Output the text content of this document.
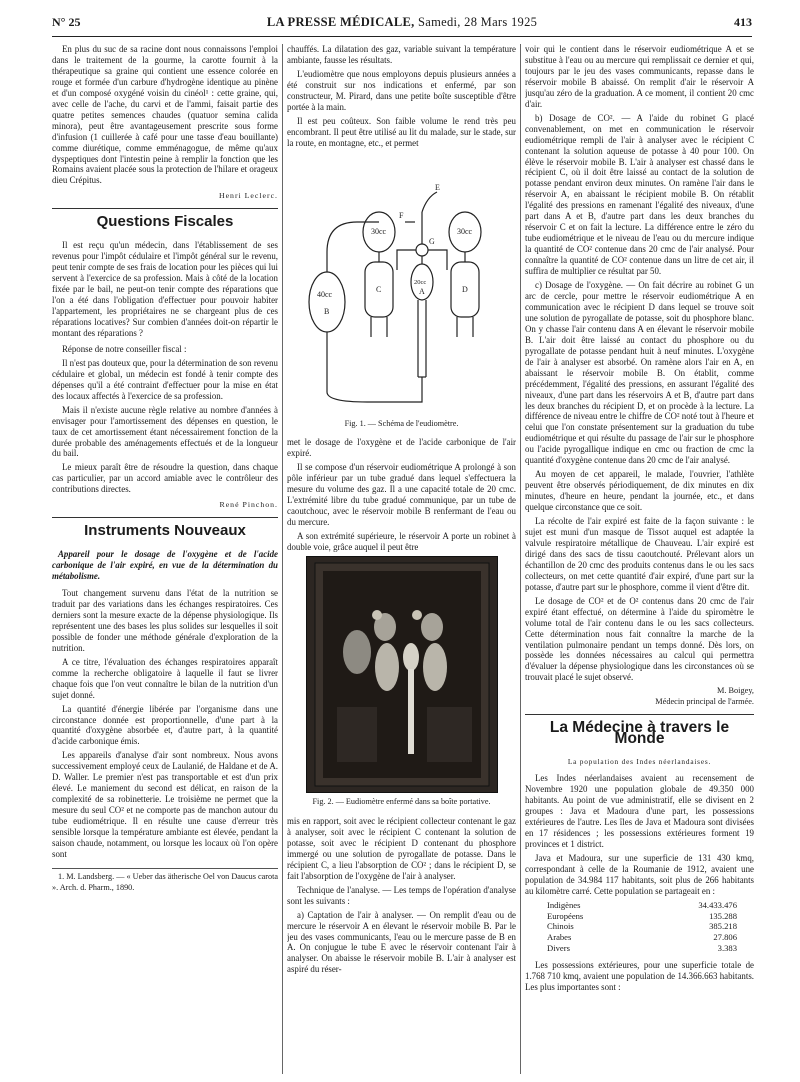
N° 25	LA PRESSE MÉDICALE, Samedi, 28 Mars 1925	413

En plus du suc de sa racine dont nous connaissons l'emploi dans le traitement de la gourme, la carotte fournit à la thérapeutique sa graine qui contient une essence colorée en rouge et formée d'un carbure d'hydrogène identique au pinène et d'un composé oxygéné voisin du cinéol¹ : cette graine, qui, avec celle de l'ache, du carvi et de l'ammi, faisait partie des quatre petites semences chaudes (quatuor semina calida minora), peut être avantageusement prescrite sous forme d'infusion (1 cuillerée à café pour une tasse d'eau bouillante) comme diurétique, comme emménagogue, de même qu'aux dyspeptiques dont l'intestin peine à remplir la fonction que les Romains avaient placée sous la protection de l'hilare et orageux dieu Crépitus.

Henri Leclerc.

Questions Fiscales

Il est reçu qu'un médecin, dans l'établissement de ses revenus pour l'impôt cédulaire et l'impôt général sur le revenu, peut tenir compte de ses frais de location pour les pièces qui lui servent à l'exercice de sa profession. Mais à côté de la location fixée par le bail, ne peut-on tenir compte des réparations que l'on a été dans l'obligation d'effectuer pour pouvoir habiter l'appartement, les propriétaires ne se chargeant plus de ces réparations locatives? Sur combien d'années doit-on répartir le montant des réparations ?

Réponse de notre conseiller fiscal :

Il n'est pas douteux que, pour la détermination de son revenu cédulaire et global, un médecin est fondé à tenir compte des dépenses qu'il a été contraint d'effectuer pour la mise en état des locaux affectés à l'exercice de sa profession.

Mais il n'existe aucune règle relative au nombre d'années à envisager pour l'amortissement des dépenses en question, le taux de cet amortissement étant nécessairement fonction de la durée probable des aménagements effectués et de la longueur du bail.

Le mieux paraît être de résoudre la question, dans chaque cas particulier, par un accord amiable avec le contrôleur des contributions directes.

René Pinchon.

Instruments Nouveaux

Appareil pour le dosage de l'oxygène et de l'acide carbonique de l'air expiré, en vue de la détermination du métabolisme.

Tout changement survenu dans l'état de la nutrition se traduit par des variations dans les échanges respiratoires. Ces derniers sont la mesure exacte de la dépense physiologique. Ils représentent une des bases les plus solides sur lesquelles il soit possible de fonder une méthode générale d'exploration de la nutrition.

A ce titre, l'évaluation des échanges respiratoires apparaît comme la recherche obligatoire à laquelle il faut se livrer chaque fois que l'on veut connaître le bilan de la nutrition d'un sujet donné.

La quantité d'énergie libérée par l'organisme dans une circonstance donnée est proportionnelle, d'une part à la quantité d'oxygène absorbée et, d'autre part, à la quantité d'acide carbonique émis.

Les appareils d'analyse d'air sont nombreux. Nous avons successivement employé ceux de Laulanié, de Haldane et de A. D. Waller. Le premier n'est pas transportable et est d'un prix élevé. Le maniement du second est délicat, en raison de la complexité de sa robinetterie. Le troisième ne permet que la mesure du seul CO² et ne comporte pas de manchon autour du tube eudiométrique. Il en résulte une cause d'erreur très sensible lorsque la température ambiante est élevée, pendant la saison chaude, notamment, ou lorsque les locaux où l'on opère sont

1. M. Landsberg. — « Ueber das ätherische Oel von Daucus carota ». Arch. d. Pharm., 1890.

chauffés. La dilatation des gaz, variable suivant la température ambiante, fausse les résultats.

L'eudiomètre que nous employons depuis plusieurs années a été construit sur nos indications et enfermé, par son constructeur, M. Pirard, dans une petite boîte susceptible d'être portée à la main.

Il est peu coûteux. Son faible volume le rend très peu encombrant. Il peut être utilisé au lit du malade, sur le stade, sur la route, en montagne, etc., et permet

40cc
B
30cc
C
30cc
D
20cc
A
E
G
F

Fig. 1. — Schéma de l'eudiomètre.

met le dosage de l'oxygène et de l'acide carbonique de l'air expiré.

Il se compose d'un réservoir eudiométrique A prolongé à son pôle inférieur par un tube gradué dans lequel s'effectuera la mesure du volume des gaz. Il a une capacité totale de 20 cmc. L'extrémité libre du tube gradué communique, par un tube de caoutchouc, avec le réservoir mobile B renfermant de l'eau ou du mercure.

A son extrémité supérieure, le réservoir A porte un robinet à double voie, grâce auquel il peut être

Fig. 2. — Eudiomètre enfermé dans sa boîte portative.

mis en rapport, soit avec le récipient collecteur contenant le gaz à analyser, soit avec le récipient C contenant la solution de potasse, soit avec le récipient D contenant du phosphore immergé ou une solution de pyrogallate de potasse. Dans le récipient C, a lieu l'absorption de CO² ; dans le récipient D, se fait l'absorption de l'oxygène de l'air à analyser.

Technique de l'analyse. — Les temps de l'opération d'analyse sont les suivants :

a) Captation de l'air à analyser. — On remplit d'eau ou de mercure le réservoir A en élevant le réservoir mobile B. Par le jeu des vases communicants, l'eau ou le mercure passe de B en A. On conjugue le tube E avec le réservoir contenant l'air à analyser. On abaisse le réservoir mobile B. L'air à analyser est aspiré du réser-

voir qui le contient dans le réservoir eudiométrique A et se substitue à l'eau ou au mercure qui remplissait ce dernier et qui, toujours par le jeu des vases communicants, repasse dans le réservoir mobile B abaissé. On remplit d'air le réservoir A jusqu'au zéro de la graduation. A ce moment, il contient 20 cmc d'air.

b) Dosage de CO². — A l'aide du robinet G placé convenablement, on met en communication le réservoir eudiométrique rempli de l'air à analyser avec le récipient C contenant la solution aqueuse de potasse à 40 pour 100. On élève le réservoir mobile B. L'air à analyser est chassé dans le récipient C, où il doit être laissé au contact de la solution de potasse pendant environ deux minutes. On ramène l'air dans le réservoir A, en abaissant le récipient mobile B. On rétablit l'égalité des pressions en ramenant l'égalité des niveaux, d'une part dans A et B, d'autre part dans les deux branches du réservoir C et on fait la lecture. La différence entre le zéro du tube eudiométrique et le niveau de l'eau ou du mercure indique la quantité de CO² contenue dans 20 cmc de l'air analysé. Pour connaître la quantité de CO² contenue dans un litre de cet air, il suffira de multiplier ce résultat par 50.

c) Dosage de l'oxygène. — On fait décrire au robinet G un arc de cercle, pour mettre le réservoir eudiométrique A en communication avec le récipient D dans lequel se trouve soit une solution de pyrogallate de potasse, soit du phosphore blanc. On y chasse l'air contenu dans A en élevant le réservoir mobile B. L'air doit être laissé au contact du phosphore ou du pyrogallate de potasse pendant huit à neuf minutes. L'oxygène de l'air à analyser est absorbé. On ramène alors l'air en A, en abaissant le réservoir mobile B. On établit, comme précédemment, l'égalité des pressions, en assurant l'égalité des niveaux, d'une part dans les réservoirs A et B, d'autre part dans les deux branches du récipient D, et on procède à la lecture. La différence de niveau entre le chiffre de CO² noté tout à l'heure et celui que l'on constate présentement sur la graduation du tube eudiométrique et qui résulte du passage de l'air sur le phosphore ou l'acide pyrogallique indique en cmc ou fraction de cmc la quantité d'oxygène contenue dans 20 cmc de l'air analysé.

Au moyen de cet appareil, le malade, l'ouvrier, l'athlète peuvent être observés périodiquement, de dix minutes en dix minutes, d'heure en heure, pendant la journée, etc., et dans quelque circonstance que ce soit.

La récolte de l'air expiré est faite de la façon suivante : le sujet est muni d'un masque de Tissot auquel est adaptée la valvule respiratoire métallique de Chauveau. L'air expiré est dirigé dans des sacs de tissu caoutchouté. Prélevant alors un échantillon de 20 cmc des produits contenus dans le ou les sacs collecteurs, on met cette quantité d'air expiré, d'une part sur la potasse, d'autre part sur le phosphore, comme il vient d'être dit.

Le dosage de CO² et de O² contenus dans 20 cmc de l'air expiré étant effectué, on détermine à l'aide du spiromètre le volume total de l'air contenu dans le ou les sacs collecteurs. Cette détermination nous fait connaître la marche de la ventilation pulmonaire pendant un temps donné. Dès lors, on possède les données nécessaires au calcul qui permettra d'évaluer la dépense physiologique dans les circonstances où se trouvait placé le sujet observé.

M. Boigey,

Médecin principal de l'armée.

La Médecine à travers le Monde

La population des Indes néerlandaises.

Les Indes néerlandaises avaient au recensement de Novembre 1920 une population globale de 49.350 000 habitants. Au point de vue administratif, elle se divisent en 2 groupes : Java et Madoura d'une part, les possessions extérieures de l'autre. Les îles de Java et Madoura sont divisées en 17 résidences ; les possessions extérieures forment 19 provinces et 1 district.

Java et Madoura, sur une superficie de 131 430 kmq, correspondant à celle de la Roumanie de 1912, avaient une population de 34.984 117 habitants, soit plus de 266 habitants au kilomètre carré. Cette population se partageait en :

Indigènes	34.433.476
Européens	135.288
Chinois	385.218
Arabes	27.806
Divers	3.383

Les possessions extérieures, pour une superficie totale de 1.768 710 kmq, avaient une population de 14.366.663 habitants. Les plus importantes sont :
